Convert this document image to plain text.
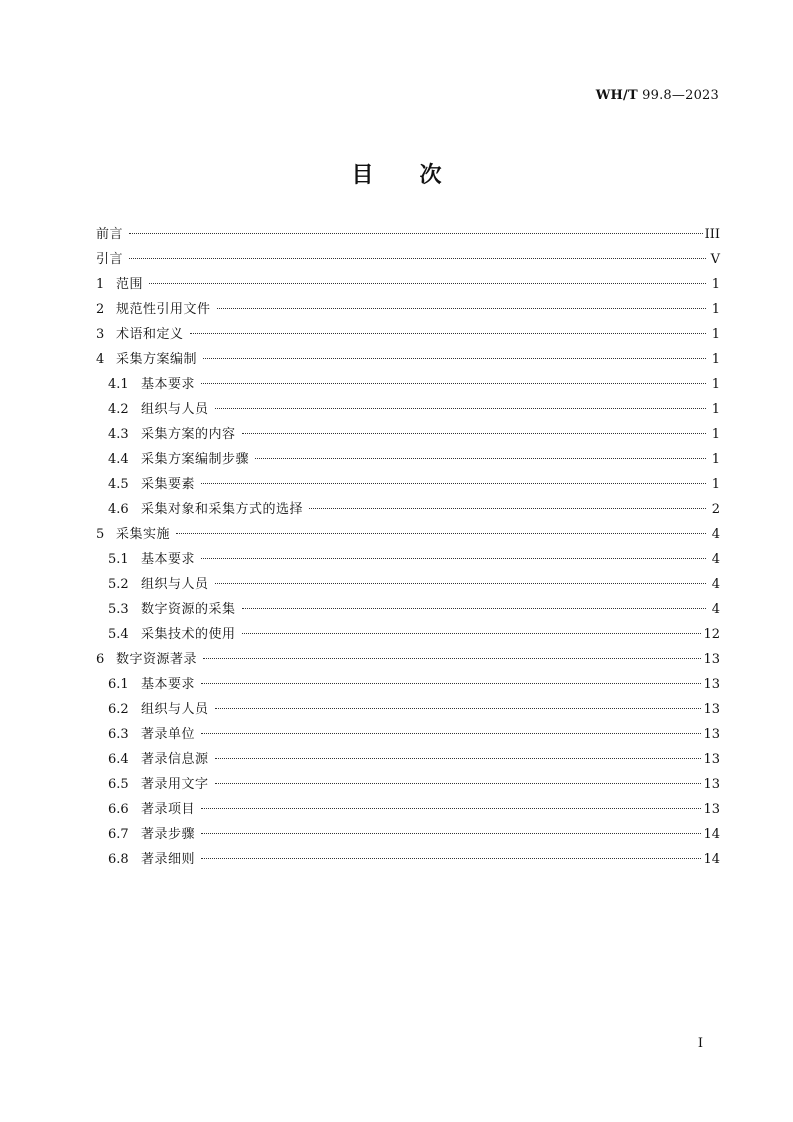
WH/T 99.8—2023
目次
前言	III
引言	V
1 范围	1
2 规范性引用文件	1
3 术语和定义	1
4 采集方案编制	1
4.1 基本要求	1
4.2 组织与人员	1
4.3 采集方案的内容	1
4.4 采集方案编制步骤	1
4.5 采集要素	1
4.6 采集对象和采集方式的选择	2
5 采集实施	4
5.1 基本要求	4
5.2 组织与人员	4
5.3 数字资源的采集	4
5.4 采集技术的使用	12
6 数字资源著录	13
6.1 基本要求	13
6.2 组织与人员	13
6.3 著录单位	13
6.4 著录信息源	13
6.5 著录用文字	13
6.6 著录项目	13
6.7 著录步骤	14
6.8 著录细则	14
I
